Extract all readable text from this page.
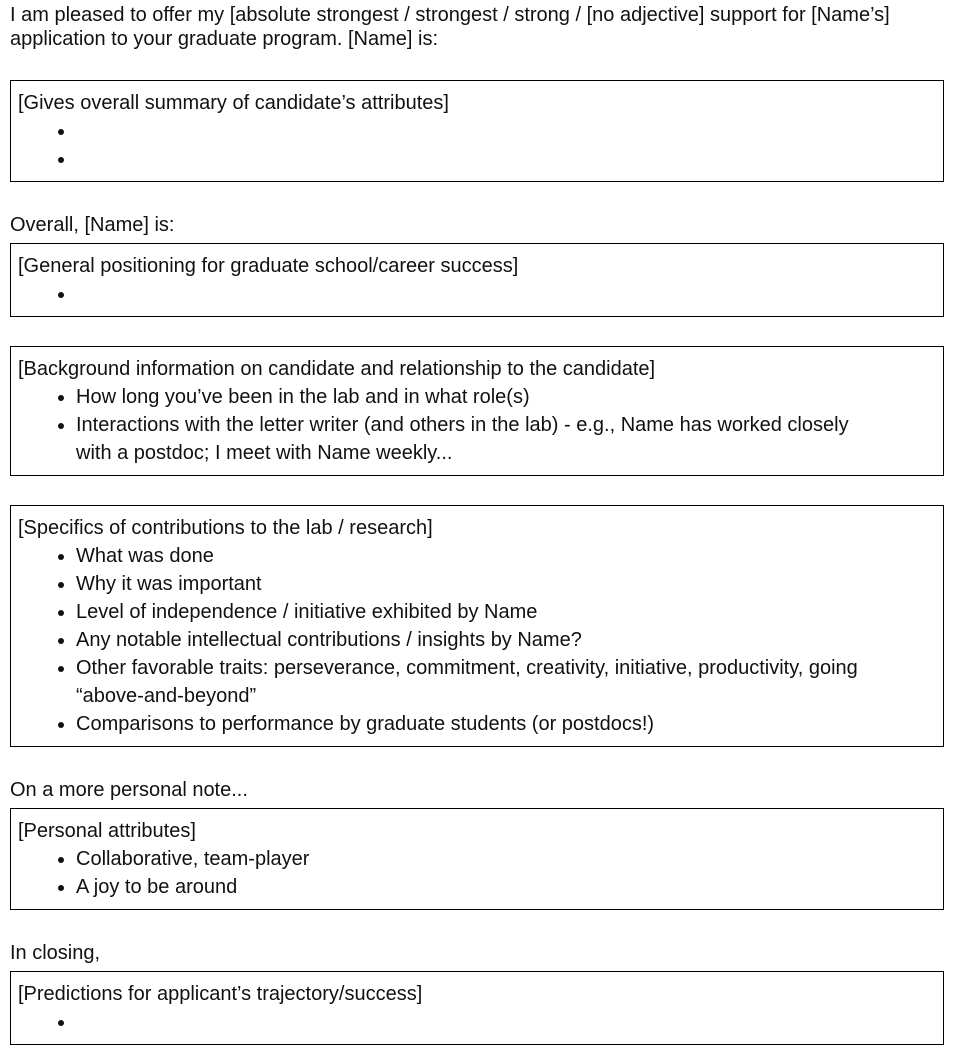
I am pleased to offer my [absolute strongest / strongest / strong / [no adjective] support for [Name’s] application to your graduate program. [Name] is:

[Gives overall summary of candidate’s attributes]
•
•
Overall, [Name] is:
[General positioning for graduate school/career success]
•
[Background information on candidate and relationship to the candidate]
• How long you’ve been in the lab and in what role(s)
• Interactions with the letter writer (and others in the lab) - e.g., Name has worked closely with a postdoc; I meet with Name weekly...
[Specifics of contributions to the lab / research]
• What was done
• Why it was important
• Level of independence / initiative exhibited by Name
• Any notable intellectual contributions / insights by Name?
• Other favorable traits: perseverance, commitment, creativity, initiative, productivity, going “above-and-beyond”
• Comparisons to performance by graduate students (or postdocs!)
On a more personal note...
[Personal attributes]
• Collaborative, team-player
• A joy to be around
In closing,
[Predictions for applicant’s trajectory/success]
•
